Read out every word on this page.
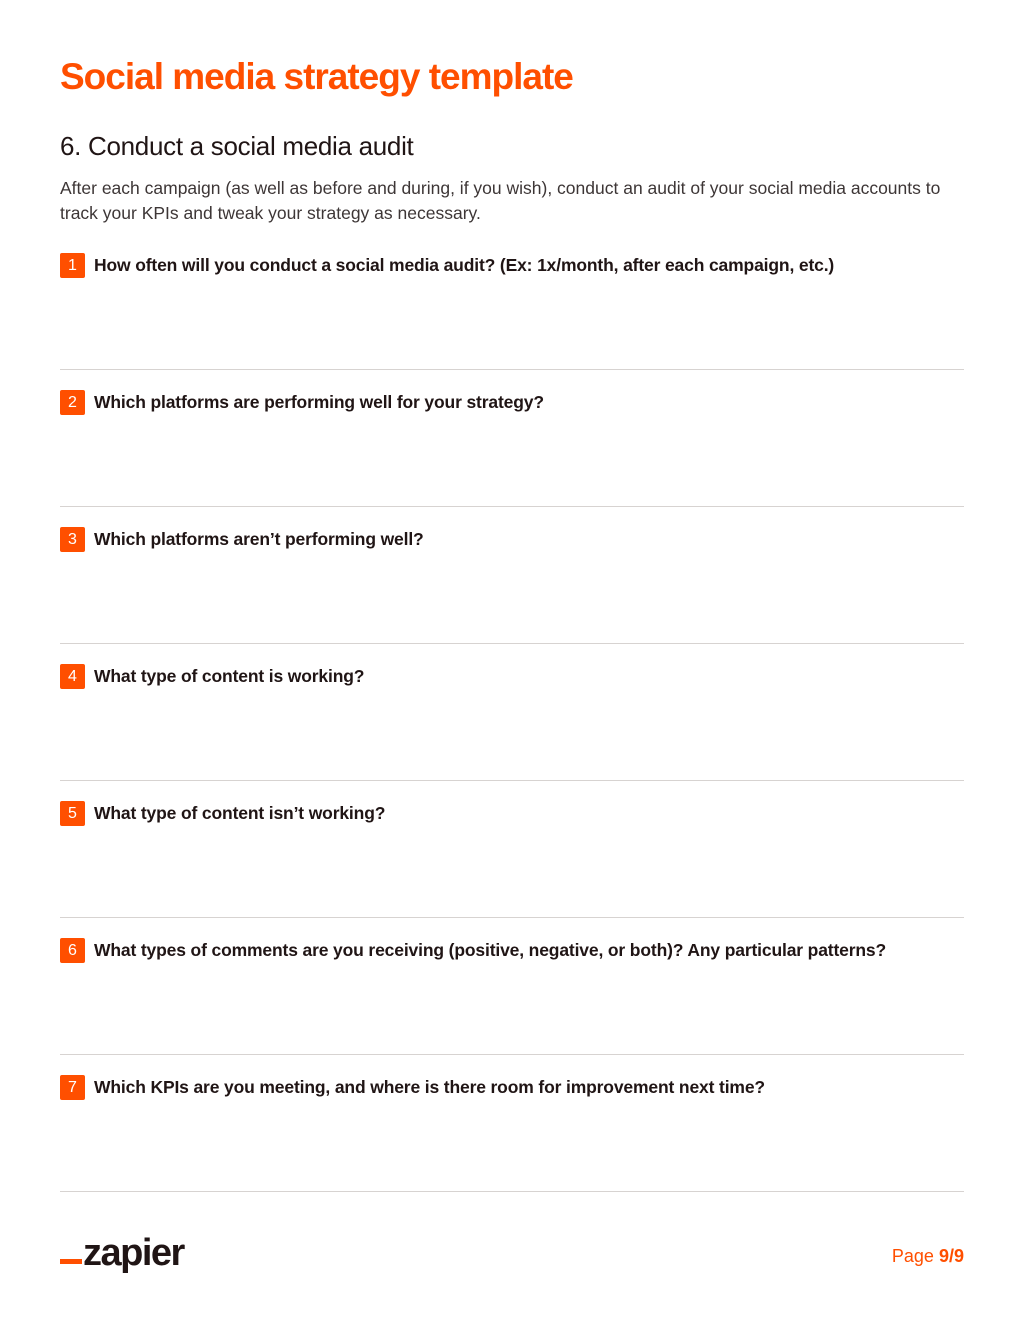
Social media strategy template
6. Conduct a social media audit

After each campaign (as well as before and during, if you wish), conduct an audit of your social media accounts to track your KPIs and tweak your strategy as necessary.

1 How often will you conduct a social media audit? (Ex: 1x/month, after each campaign, etc.)
2 Which platforms are performing well for your strategy?
3 Which platforms aren’t performing well?
4 What type of content is working?
5 What type of content isn’t working?
6 What types of comments are you receiving (positive, negative, or both)? Any particular patterns?
7 Which KPIs are you meeting, and where is there room for improvement next time?
zapier	Page 9/9
